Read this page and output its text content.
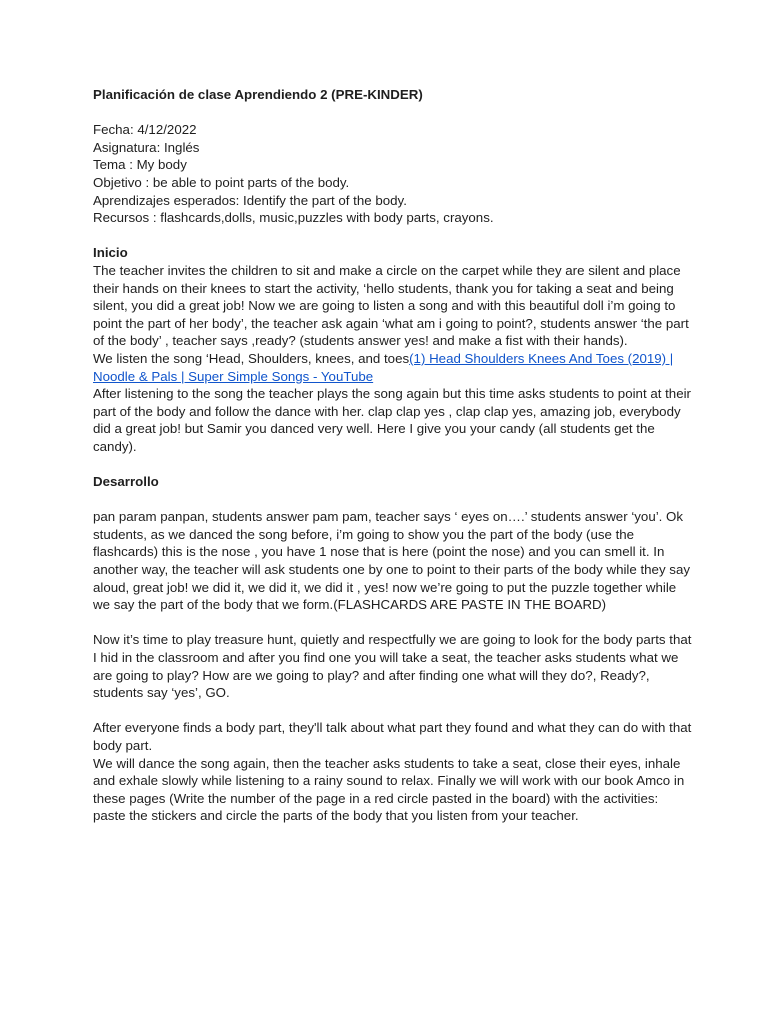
Planificación de clase Aprendiendo 2 (PRE-KINDER)

Fecha: 4/12/2022

Asignatura: Inglés

Tema : My body

Objetivo : be able to point parts of the body.

Aprendizajes esperados: Identify the part of the body.

Recursos : flashcards,dolls, music,puzzles with body parts, crayons.

Inicio

The teacher invites the children to sit and make a circle on the carpet while they are silent and place their hands on their knees to start the activity, ‘hello students, thank you for taking a seat and being silent, you did a great job! Now we are going to listen a song and with this beautiful doll i’m going to point the part of her body’, the teacher ask again ‘what am i going to point?, students answer ‘the part of the body’ , teacher says ,ready? (students answer yes! and make a fist with their hands).

We listen the song ‘Head, Shoulders, knees, and toes(1) Head Shoulders Knees And Toes (2019) | Noodle & Pals | Super Simple Songs - YouTube

After listening to the song the teacher plays the song again but this time asks students to point at their part of the body and follow the dance with her. clap clap yes , clap clap yes, amazing job, everybody did a great job! but Samir you danced very well. Here I give you your candy (all students get the candy).

Desarrollo

pan param panpan, students answer pam pam, teacher says ‘ eyes on….’ students answer ‘you’. Ok students, as we danced the song before, i’m going to show you the part of the body (use the flashcards) this is the nose , you have 1 nose that is here (point the nose) and you can smell it. In another way, the teacher will ask students one by one to point to their parts of the body while they say aloud, great job! we did it, we did it, we did it , yes! now we’re going to put the puzzle together while we say the part of the body that we form.(FLASHCARDS ARE PASTE IN THE BOARD)

Now it’s time to play treasure hunt, quietly and respectfully we are going to look for the body parts that I hid in the classroom and after you find one you will take a seat, the teacher asks students what we are going to play? How are we going to play? and after finding one what will they do?, Ready?, students say ‘yes’, GO.

After everyone finds a body part, they'll talk about what part they found and what they can do with that body part.

We will dance the song again, then the teacher asks students to take a seat, close their eyes, inhale and exhale slowly while listening to a rainy sound to relax. Finally we will work with our book Amco in these pages (Write the number of the page in a red circle pasted in the board) with the activities: paste the stickers and circle the parts of the body that you listen from your teacher.
